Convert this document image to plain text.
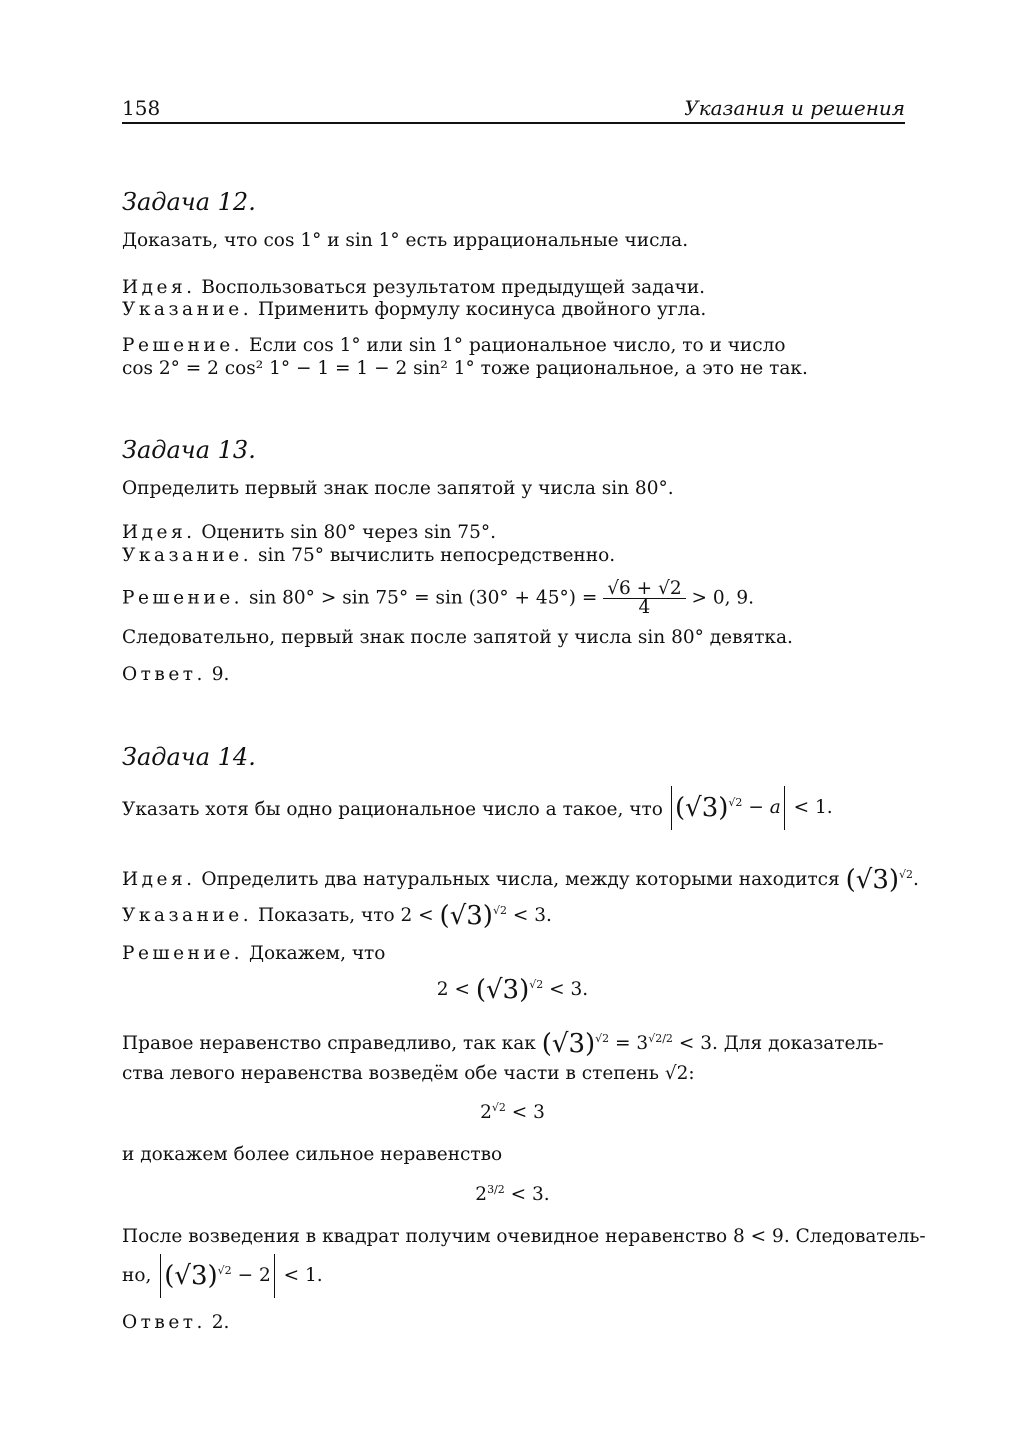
158	Указания и решения
Задача 12.
Доказать, что cos 1° и sin 1° есть иррациональные числа.
Идея. Воспользоваться результатом предыдущей задачи.
Указание. Применить формулу косинуса двойного угла.
Решение. Если cos 1° или sin 1° рациональное число, то и число
cos 2° = 2 cos² 1° − 1 = 1 − 2 sin² 1° тоже рациональное, а это не так.
Задача 13.
Определить первый знак после запятой у числа sin 80°.
Идея. Оценить sin 80° через sin 75°.
Указание. sin 75° вычислить непосредственно.
Решение. $\sin 80^\circ > \sin 75^\circ = \sin (30^\circ + 45^\circ) = \frac{√6 + √2}{4} > 0$, 9.
Следовательно, первый знак после запятой у числа sin 80° девятка.
Ответ. 9.
Задача 14.
Указать хотя бы одно рациональное число a такое, что $(√3)^{√2} - a < 1$.
Идея. Определить два натуральных числа, между которыми находится $(√3)^{√2}$.
Указание. Показать, что $2 < (√3)^{√2} < 3$.
Решение. Докажем, что
$2 < (√3)^{√2} < 3$.
Правое неравенство справедливо, так как $(√3)^{√2} = 3^{√2/2} < 3$. Для доказатель-
ства левого неравенства возведём обе части в степень √2:
$2^{√2} < 3$
и докажем более сильное неравенство
$2^{3/2} < 3$.
После возведения в квадрат получим очевидное неравенство 8 < 9. Следователь-
но, $(√3)^{√2} - 2 < 1$.
Ответ. 2.
